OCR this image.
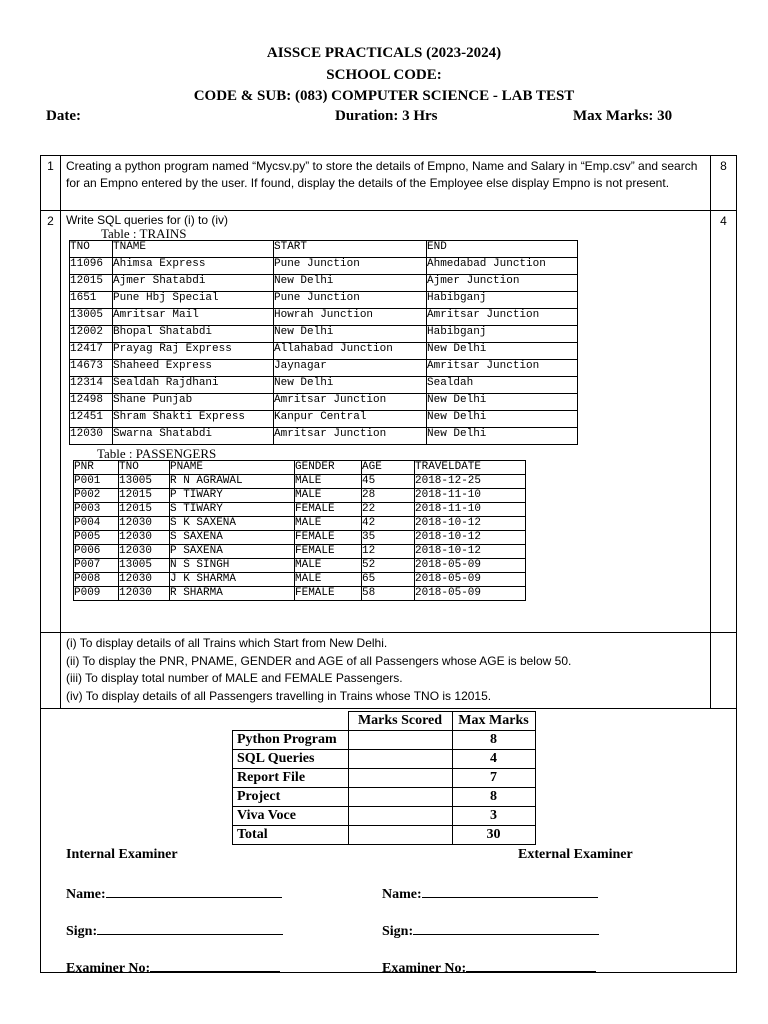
AISSCE PRACTICALS (2023-2024)
SCHOOL CODE:
CODE & SUB: (083) COMPUTER SCIENCE - LAB TEST
Date:	Duration: 3 Hrs	Max Marks: 30
1	Creating a python program named “Mycsv.py” to store the details of Empno, Name and Salary in “Emp.csv” and search for an Empno entered by the user. If found, display the details of the Employee else display Empno is not present.
	8
2	Write SQL queries for (i) to (iv)
Table : TRAINS
TNO	TNAME	START	END
11096	Ahimsa Express	Pune Junction	Ahmedabad Junction
12015	Ajmer Shatabdi	New Delhi	Ajmer Junction
1651	Pune Hbj Special	Pune Junction	Habibganj
13005	Amritsar Mail	Howrah Junction	Amritsar Junction
12002	Bhopal Shatabdi	New Delhi	Habibganj
12417	Prayag Raj Express	Allahabad Junction	New Delhi
14673	Shaheed Express	Jaynagar	Amritsar Junction
12314	Sealdah Rajdhani	New Delhi	Sealdah
12498	Shane Punjab	Amritsar Junction	New Delhi
12451	Shram Shakti Express	Kanpur Central	New Delhi
12030	Swarna Shatabdi	Amritsar Junction	New Delhi
Table : PASSENGERS
PNR	TNO	PNAME	GENDER	AGE	TRAVELDATE
P001	13005	R N AGRAWAL	MALE	45	2018-12-25
P002	12015	P TIWARY	MALE	28	2018-11-10
P003	12015	S TIWARY	FEMALE	22	2018-11-10
P004	12030	S K SAXENA	MALE	42	2018-10-12
P005	12030	S SAXENA	FEMALE	35	2018-10-12
P006	12030	P SAXENA	FEMALE	12	2018-10-12
P007	13005	N S SINGH	MALE	52	2018-05-09
P008	12030	J K SHARMA	MALE	65	2018-05-09
P009	12030	R SHARMA	FEMALE	58	2018-05-09
	4

(i) To display details of all Trains which Start from New Delhi.
(ii) To display the PNR, PNAME, GENDER and AGE of all Passengers whose AGE is below 50.
(iii) To display total number of MALE and FEMALE Passengers.
(iv) To display details of all Passengers travelling in Trains whose TNO is 12015.

	Marks Scored	Max Marks
Python Program		8
SQL Queries		4
Report File		7
Project		8
Viva Voce		3
Total		30
Internal Examiner	External Examiner
Name:	Name:
Sign:	Sign:
Examiner No:	Examiner No:
